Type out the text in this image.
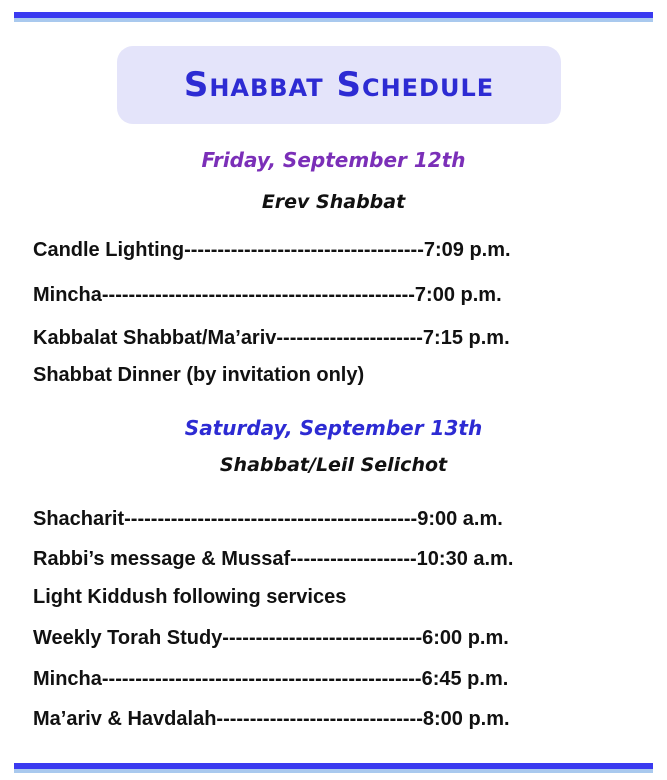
Shabbat Schedule
Friday, September 12th
Erev Shabbat
Candle Lighting------------------------------------7:09 p.m.
Mincha-----------------------------------------------7:00 p.m.
Kabbalat Shabbat/Ma’ariv----------------------7:15 p.m.
Shabbat Dinner (by invitation only)
Saturday, September 13th
Shabbat/Leil Selichot
Shacharit--------------------------------------------9:00 a.m.
Rabbi’s message & Mussaf-------------------10:30 a.m.
Light Kiddush following services
Weekly Torah Study------------------------------6:00 p.m.
Mincha------------------------------------------------6:45 p.m.
Ma’ariv & Havdalah-------------------------------8:00 p.m.
